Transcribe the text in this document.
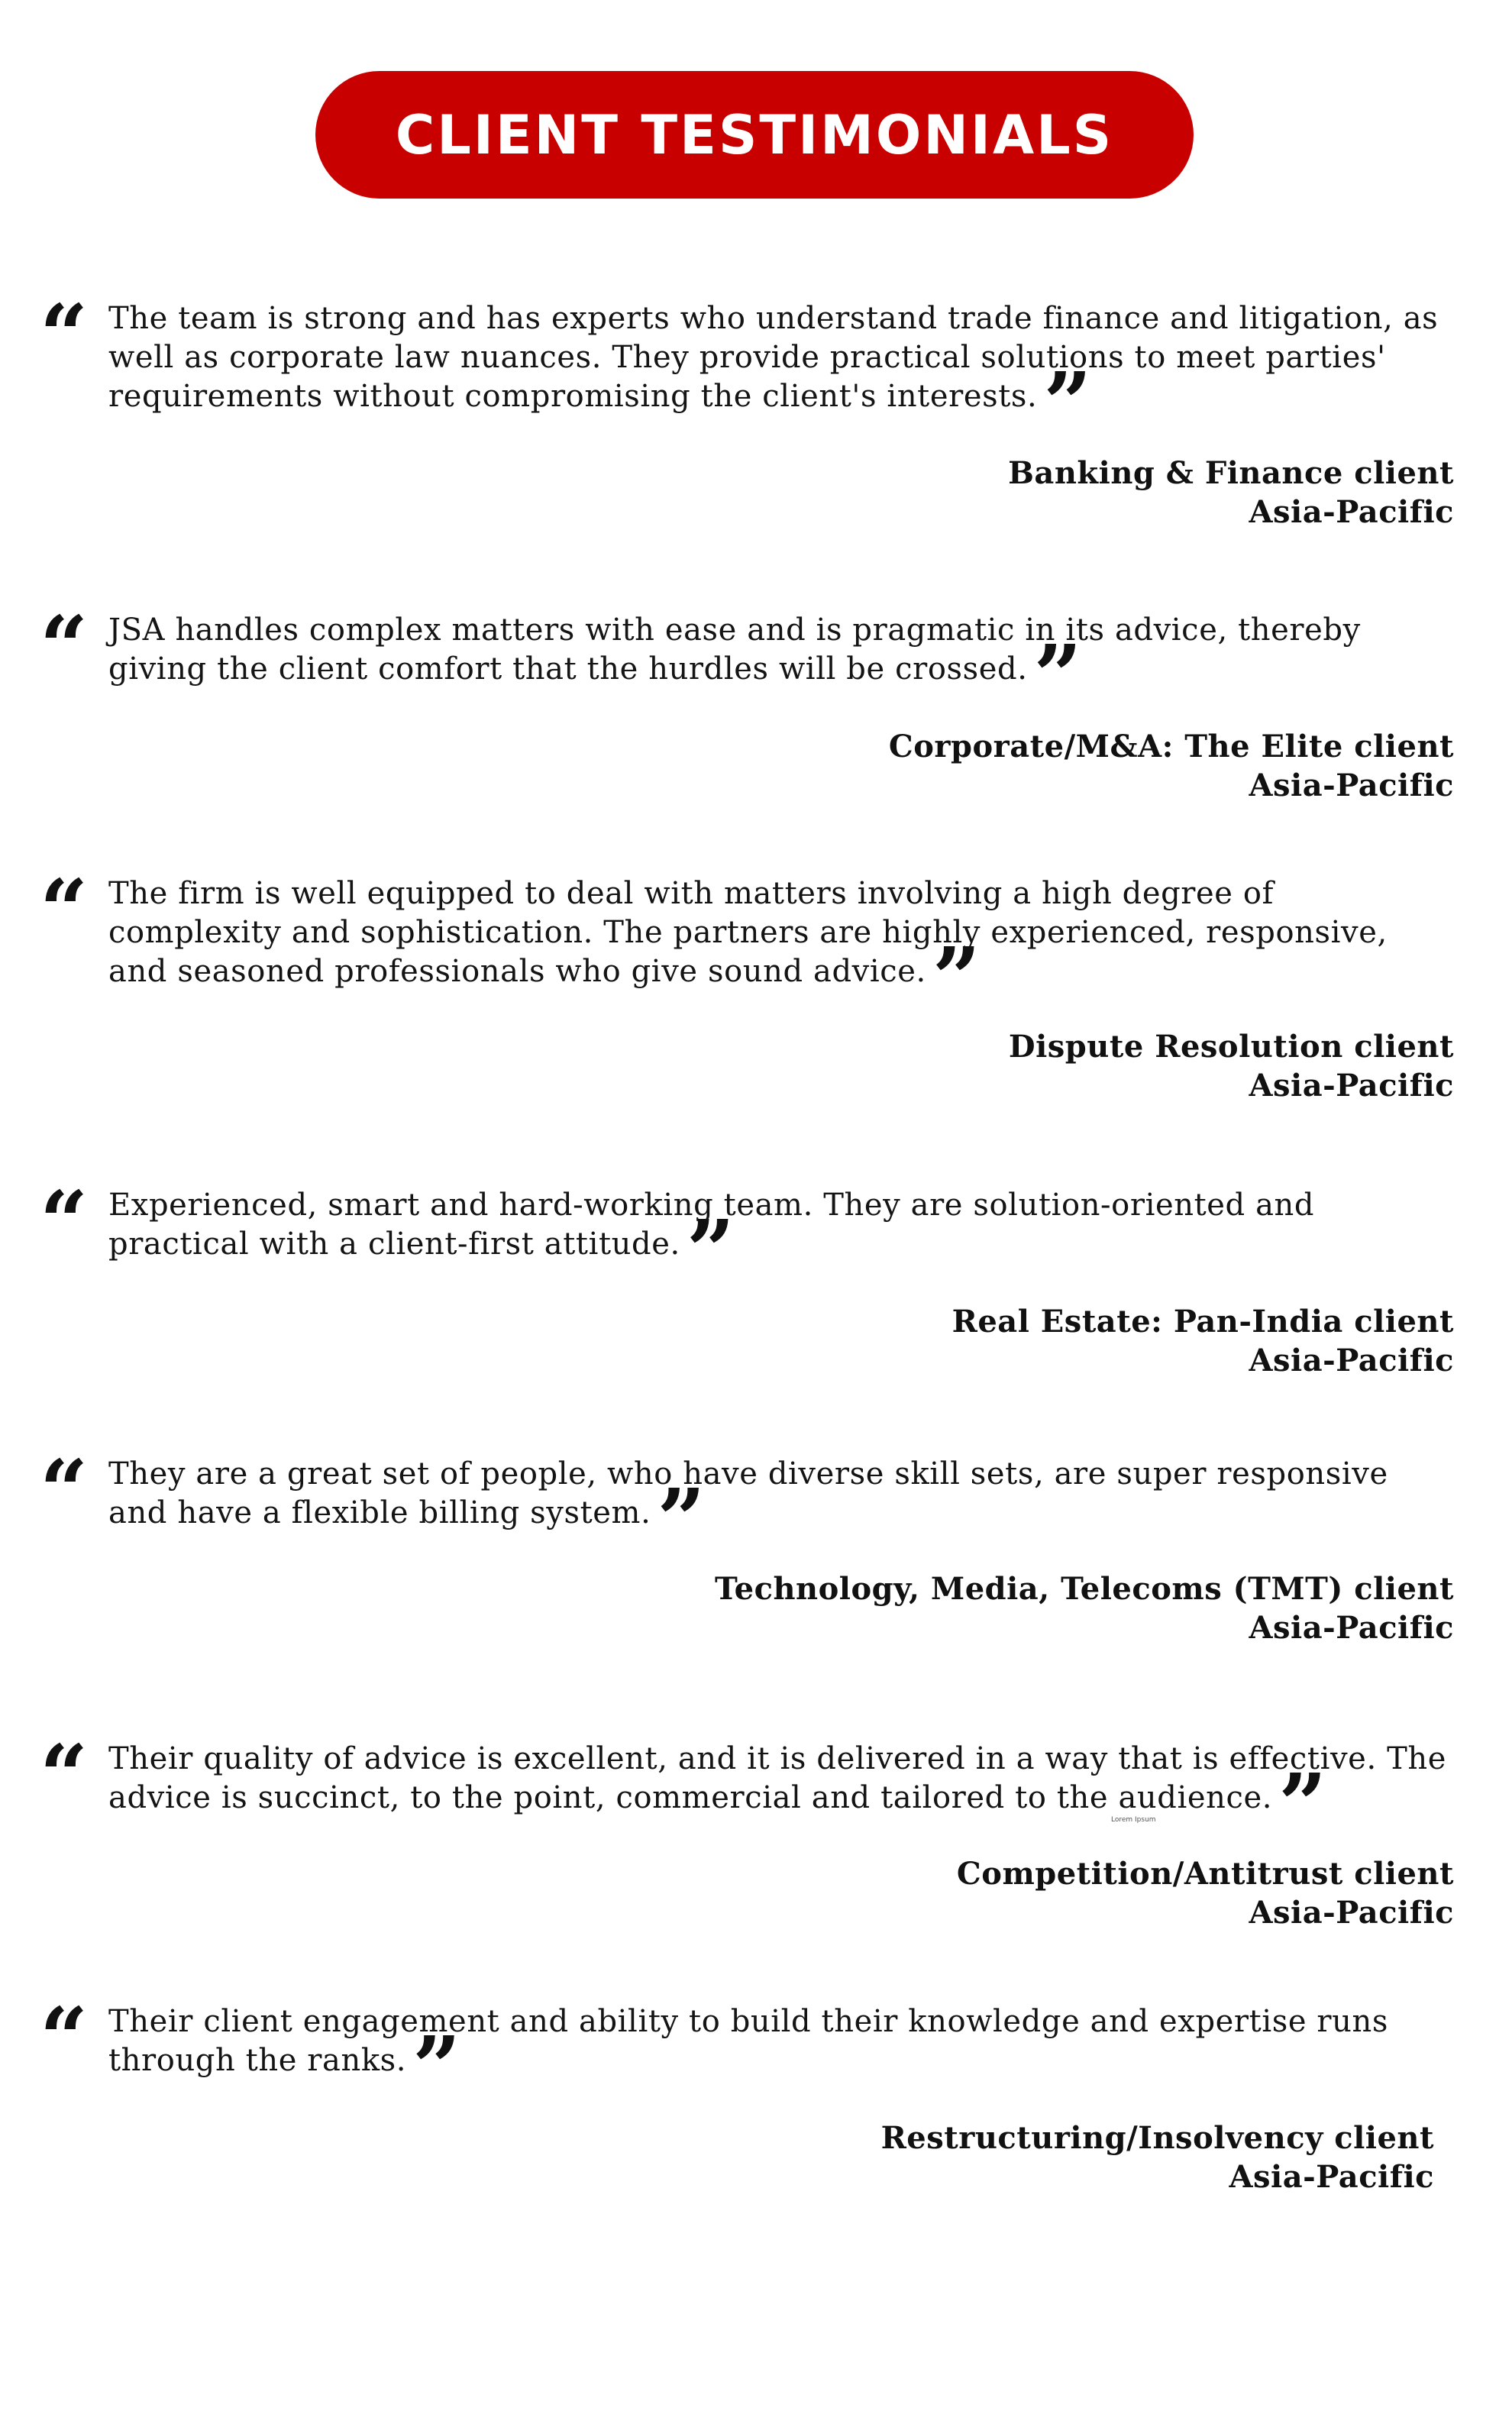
CLIENT TESTIMONIALS
“ The team is strong and has experts who understand trade finance and litigation, as well as corporate law nuances. They provide practical solutions to meet parties' requirements without compromising the client's interests.”
Banking & Finance client
Asia-Pacific
“ JSA handles complex matters with ease and is pragmatic in its advice, thereby giving the client comfort that the hurdles will be crossed.”
Corporate/M&A: The Elite client
Asia-Pacific
“ The firm is well equipped to deal with matters involving a high degree of complexity and sophistication. The partners are highly experienced, responsive, and seasoned professionals who give sound advice.”
Dispute Resolution client
Asia-Pacific
“ Experienced, smart and hard-working team. They are solution-oriented and practical with a client-first attitude.”
Real Estate: Pan-India client
Asia-Pacific
“ They are a great set of people, who have diverse skill sets, are super responsive and have a flexible billing system.”
Technology, Media, Telecoms (TMT) client
Asia-Pacific
“ Their quality of advice is excellent, and it is delivered in a way that is effective. The advice is succinct, to the point, commercial and tailored to the audience.”
Competition/Antitrust client
Asia-Pacific
“ Their client engagement and ability to build their knowledge and expertise runs through the ranks.”
Restructuring/Insolvency client
Asia-Pacific
Lorem Ipsum
